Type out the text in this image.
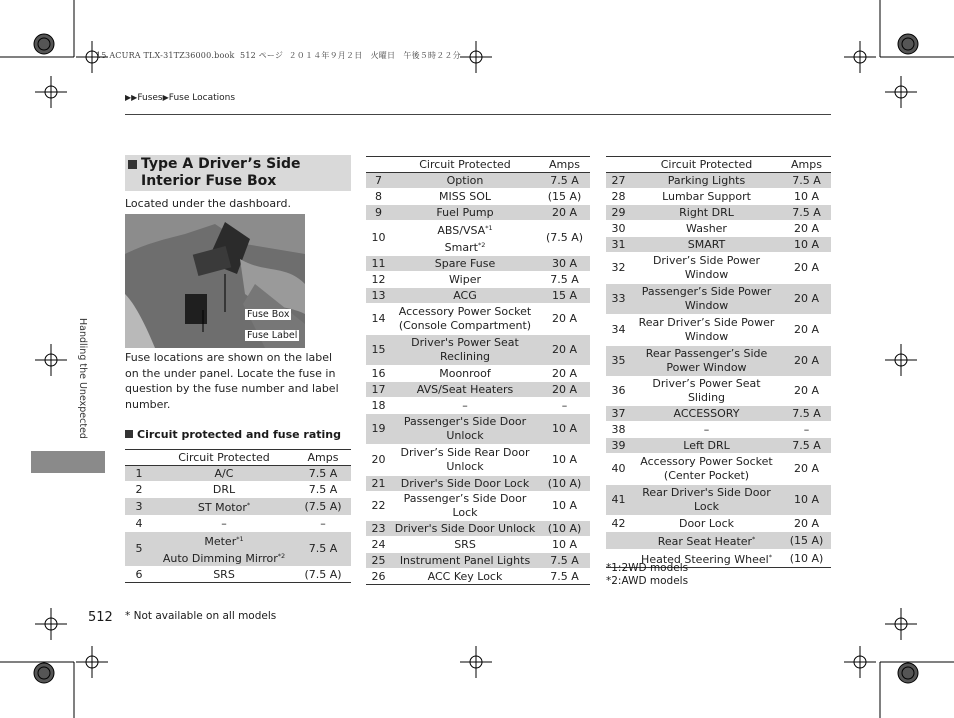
15 ACURA TLX-31TZ36000.book 512 ページ ２０１４年９月２日　火曜日　午後５時２２分
▶▶Fuses▶Fuse Locations
Handling the Unexpected
Type A Driver’s Side Interior Fuse Box
Located under the dashboard.
Fuse Box
Fuse Label
Fuse locations are shown on the label on the under panel. Locate the fuse in question by the fuse number and label number.
Circuit protected and fuse rating
	Circuit Protected	Amps
1	A/C	7.5 A
2	DRL	7.5 A
3	ST Motor*	(7.5 A)
4	–	–
5	Meter$^{*1}$
Auto Dimming Mirror$^{*2}$	7.5 A
6	SRS	(7.5 A)
	Circuit Protected	Amps
7	Option	7.5 A
8	MISS SOL	(15 A)
9	Fuel Pump	20 A
10	ABS/VSA$^{*1}$
Smart$^{*2}$	(7.5 A)
11	Spare Fuse	30 A
12	Wiper	7.5 A
13	ACG	15 A
14	Accessory Power Socket
(Console Compartment)	20 A
15	Driver's Power Seat
Reclining	20 A
16	Moonroof	20 A
17	AVS/Seat Heaters	20 A
18	–	–
19	Passenger's Side Door
Unlock	10 A
20	Driver’s Side Rear Door
Unlock	10 A
21	Driver's Side Door Lock	(10 A)
22	Passenger’s Side Door Lock	10 A
23	Driver's Side Door Unlock	(10 A)
24	SRS	10 A
25	Instrument Panel Lights	7.5 A
26	ACC Key Lock	7.5 A
	Circuit Protected	Amps
27	Parking Lights	7.5 A
28	Lumbar Support	10 A
29	Right DRL	7.5 A
30	Washer	20 A
31	SMART	10 A
32	Driver’s Side Power
Window	20 A
33	Passenger’s Side Power
Window	20 A
34	Rear Driver’s Side Power
Window	20 A
35	Rear Passenger’s Side
Power Window	20 A
36	Driver’s Power Seat Sliding	20 A
37	ACCESSORY	7.5 A
38	–	–
39	Left DRL	7.5 A
40	Accessory Power Socket
(Center Pocket)	20 A
41	Rear Driver's Side Door
Lock	10 A
42	Door Lock	20 A
	Rear Seat Heater*	(15 A)
	Heated Steering Wheel*	(10 A)
*1:2WD models
*2:AWD models
512 * Not available on all models
